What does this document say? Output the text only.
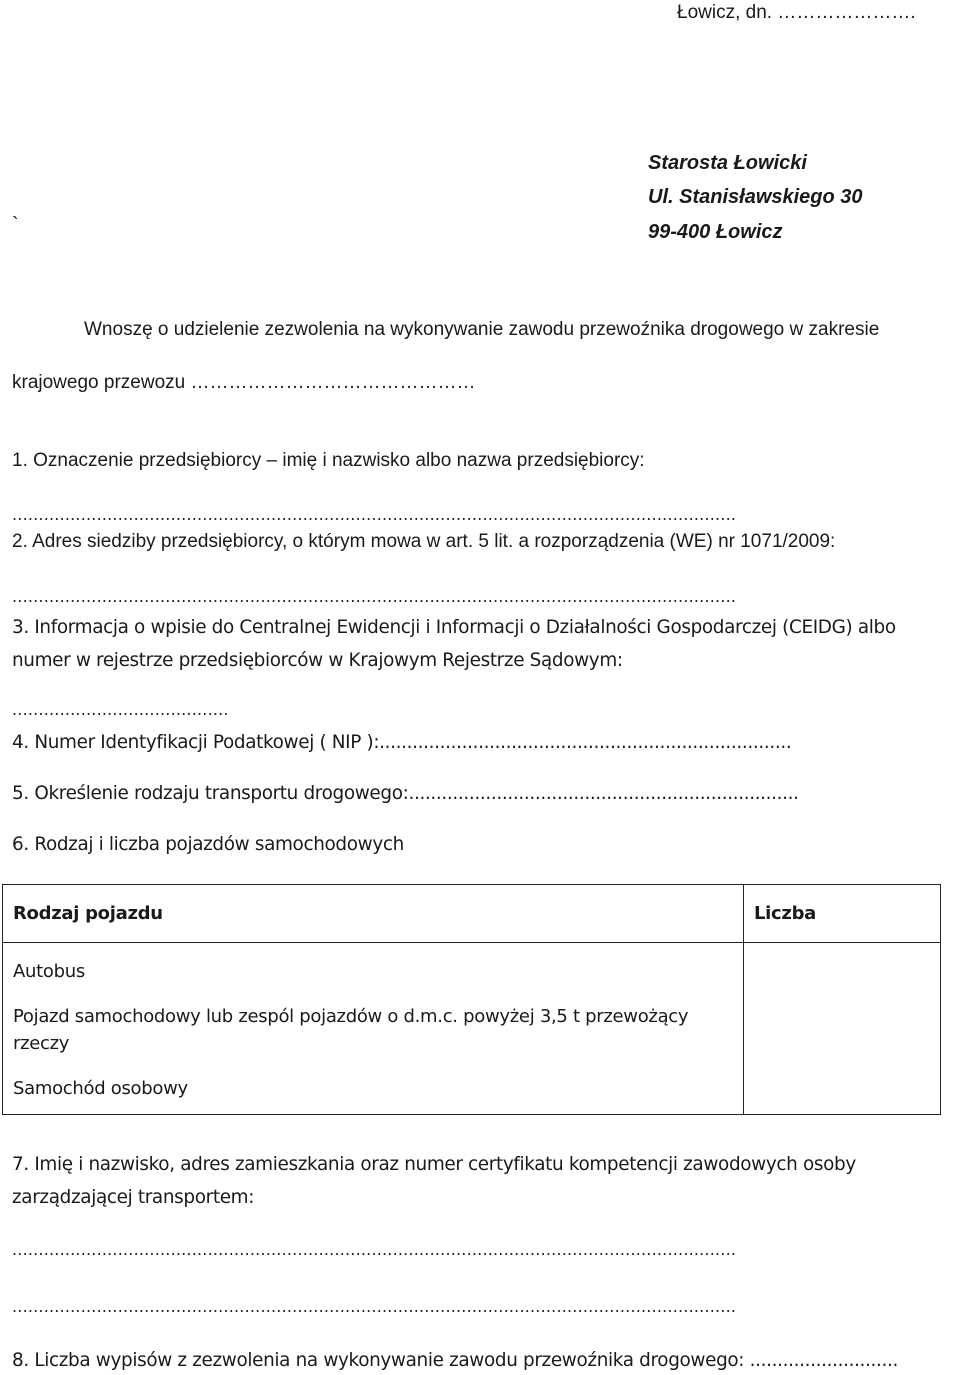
Łowicz, dn. ………………….
Starosta Łowicki
Ul. Stanisławskiego 30
99-400 Łowicz
`
Wnoszę o udzielenie zezwolenia na wykonywanie zawodu przewoźnika drogowego w zakresie
krajowego przewozu ………………………………………
1. Oznaczenie przedsiębiorcy – imię i nazwisko albo nazwa przedsiębiorcy:
.........................................................................................................................................
2. Adres siedziby przedsiębiorcy, o którym mowa w art. 5 lit. a rozporządzenia (WE) nr 1071/2009:
.........................................................................................................................................
3. Informacja o wpisie do Centralnej Ewidencji i Informacji o Działalności Gospodarczej (CEIDG) albo
numer w rejestrze przedsiębiorców w Krajowym Rejestrze Sądowym:
.........................................
4. Numer Identyfikacji Podatkowej ( NIP ):...........................................................................
5. Określenie rodzaju transportu drogowego:.......................................................................
6. Rodzaj i liczba pojazdów samochodowych
Rodzaj pojazdu	Liczba

Autobus
Pojazd samochodowy lub zespól pojazdów o d.m.c. powyżej 3,5 t przewożący rzeczy
Samochód osobowy	

7. Imię i nazwisko, adres zamieszkania oraz numer certyfikatu kompetencji zawodowych osoby
zarządzającej transportem:
.........................................................................................................................................
.........................................................................................................................................
8. Liczba wypisów z zezwolenia na wykonywanie zawodu przewoźnika drogowego: ...........................
